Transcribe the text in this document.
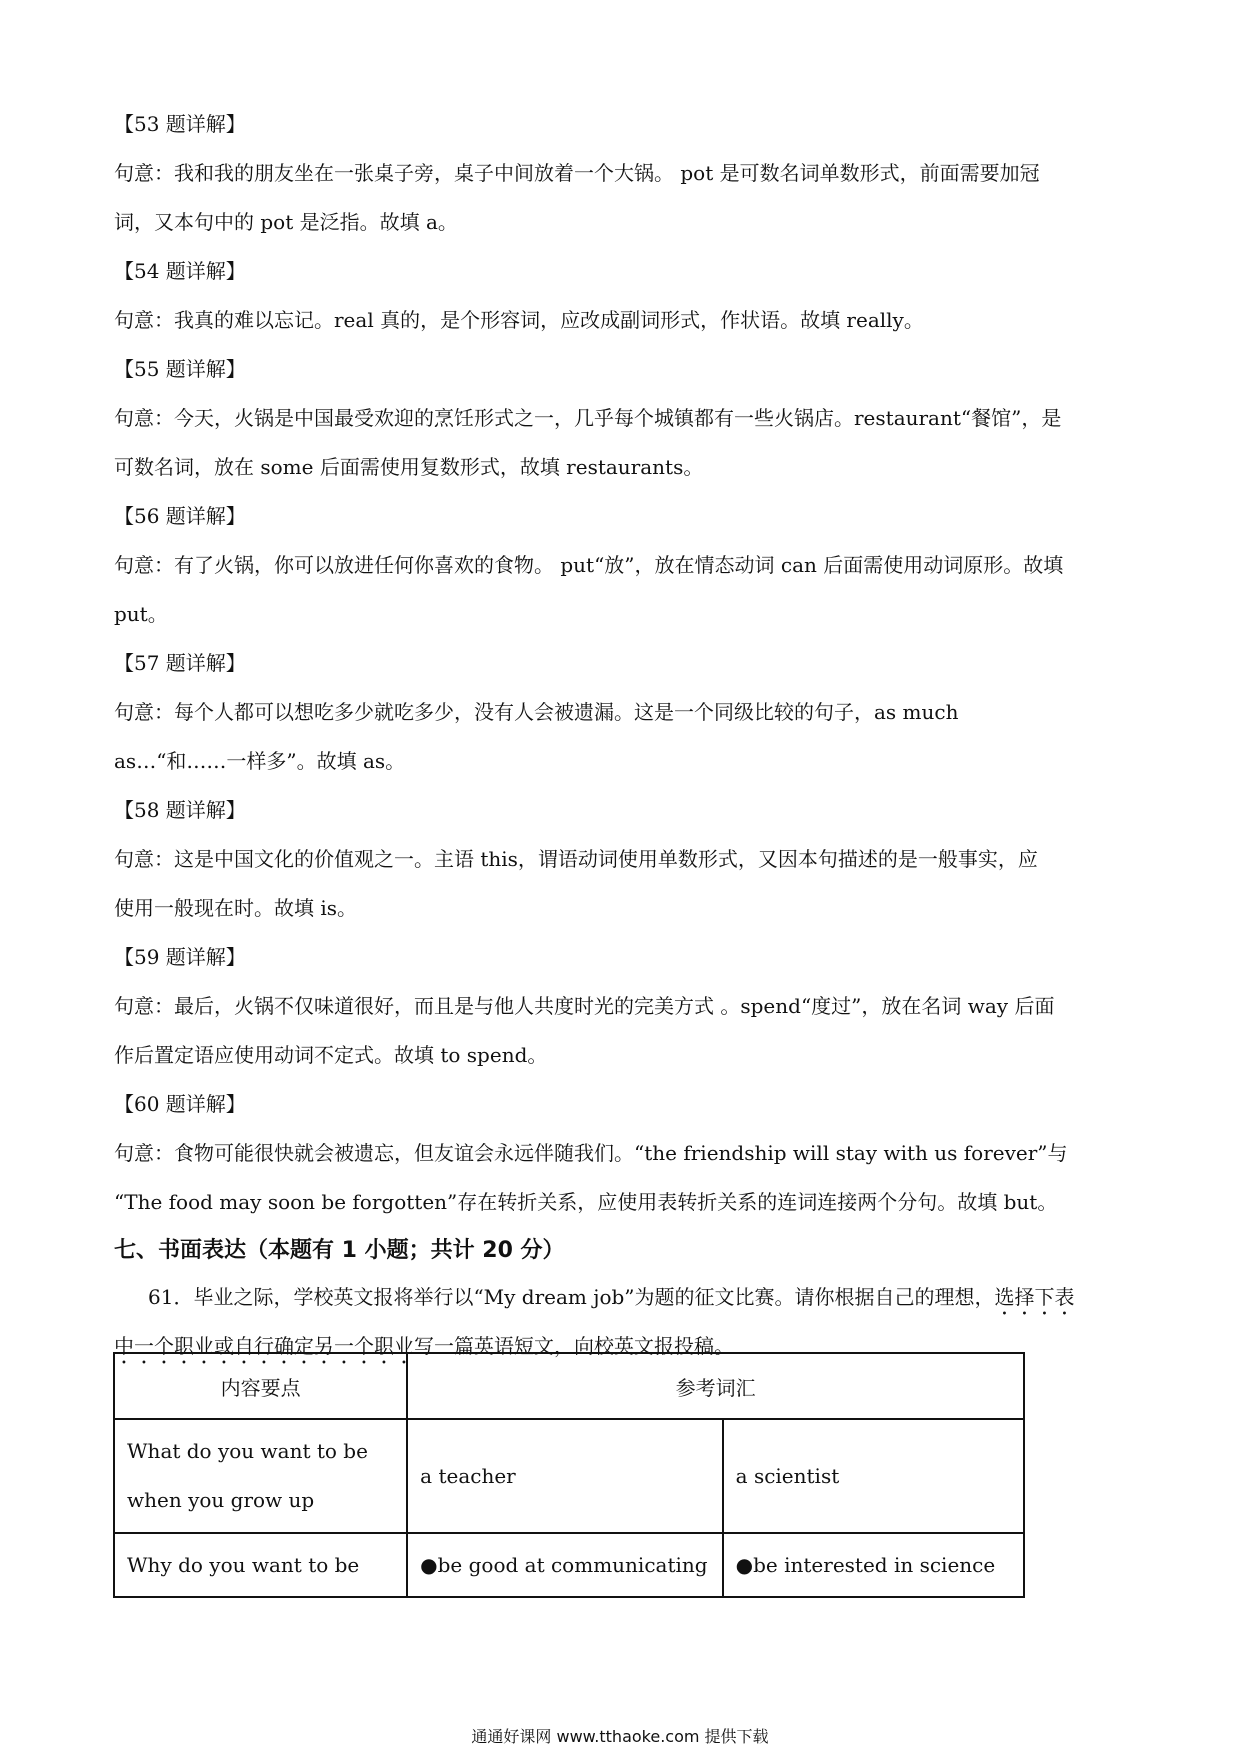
【53 题详解】
句意：我和我的朋友坐在一张桌子旁，桌子中间放着一个大锅。 pot 是可数名词单数形式，前面需要加冠
词，又本句中的 pot 是泛指。故填 a。
【54 题详解】
句意：我真的难以忘记。real 真的，是个形容词，应改成副词形式，作状语。故填 really。
【55 题详解】
句意：今天，火锅是中国最受欢迎的烹饪形式之一，几乎每个城镇都有一些火锅店。restaurant“餐馆”，是
可数名词，放在 some 后面需使用复数形式，故填 restaurants。
【56 题详解】
句意：有了火锅，你可以放进任何你喜欢的食物。 put“放”，放在情态动词 can 后面需使用动词原形。故填
put。
【57 题详解】
句意：每个人都可以想吃多少就吃多少，没有人会被遗漏。这是一个同级比较的句子，as much
as…“和……一样多”。故填 as。
【58 题详解】
句意：这是中国文化的价值观之一。主语 this，谓语动词使用单数形式，又因本句描述的是一般事实，应
使用一般现在时。故填 is。
【59 题详解】
句意：最后，火锅不仅味道很好，而且是与他人共度时光的完美方式 。spend“度过”，放在名词 way 后面
作后置定语应使用动词不定式。故填 to spend。
【60 题详解】
句意：食物可能很快就会被遗忘，但友谊会永远伴随我们。“the friendship will stay with us forever”与
“The food may soon be forgotten”存在转折关系，应使用表转折关系的连词连接两个分句。故填 but。
七、书面表达（本题有 1 小题；共计 20 分）
61．毕业之际，学校英文报将举行以“My dream job”为题的征文比赛。请你根据自己的理想，选择下表
中一个职业或自行确定另一个职业写一篇英语短文，向校英文报投稿。
内容要点	参考词汇	
What do you want to be when you grow up	a teacher	a scientist
Why do you want to be	●be good at communicating	●be interested in science
通通好课网 www.tthaoke.com 提供下载
